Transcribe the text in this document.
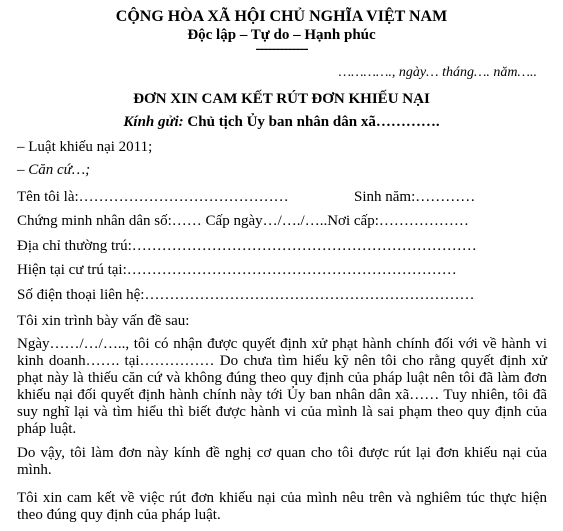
CỘNG HÒA XÃ HỘI CHỦ NGHĨA VIỆT NAM
Độc lập – Tự do – Hạnh phúc
-------------
…………., ngày… tháng…. năm…..
ĐƠN XIN CAM KẾT RÚT ĐƠN KHIẾU NẠI
Kính gửi: Chủ tịch Ủy ban nhân dân xã………….
– Luật khiếu nại 2011;
– Căn cứ…;
Tên tôi là:……………………………………	Sinh năm:…………
Chứng minh nhân dân số:…… Cấp ngày…/…./…..Nơi cấp:………………
Địa chỉ thường trú:……………………………………………………………
Hiện tại cư trú tại:…………………………………………………………
Số điện thoại liên hệ:…………………………………………………………
Tôi xin trình bày vấn đề sau:
Ngày……/…/….., tôi có nhận được quyết định xử phạt hành chính đối với về hành vi kinh doanh……. tại…………… Do chưa tìm hiểu kỹ nên tôi cho rằng quyết định xử phạt này là thiếu căn cứ và không đúng theo quy định của pháp luật nên tôi đã làm đơn khiếu nại đối quyết định hành chính này tới Ủy ban nhân dân xã…… Tuy nhiên, tôi đã suy nghĩ lại và tìm hiểu thì biết được hành vi của mình là sai phạm theo quy định của pháp luật.
Do vậy, tôi làm đơn này kính đề nghị cơ quan cho tôi được rút lại đơn khiếu nại của mình.
Tôi xin cam kết về việc rút đơn khiếu nại của mình nêu trên và nghiêm túc thực hiện theo đúng quy định của pháp luật.
